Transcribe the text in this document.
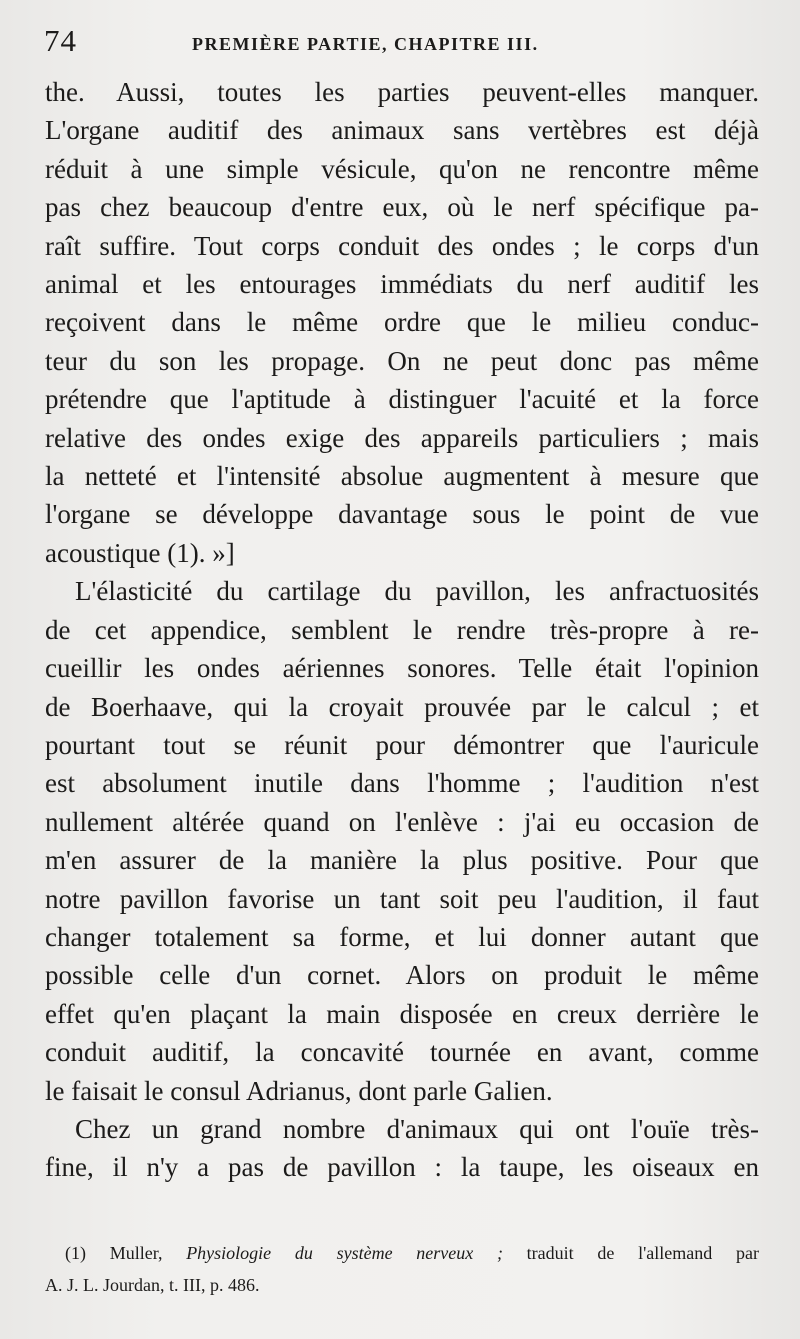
74	PREMIÈRE PARTIE, CHAPITRE III.

the. Aussi, toutes les parties peuvent-elles manquer.
L'organe auditif des animaux sans vertèbres est déjà
réduit à une simple vésicule, qu'on ne rencontre même
pas chez beaucoup d'entre eux, où le nerf spécifique pa-
raît suffire. Tout corps conduit des ondes ; le corps d'un
animal et les entourages immédiats du nerf auditif les
reçoivent dans le même ordre que le milieu conduc-
teur du son les propage. On ne peut donc pas même
prétendre que l'aptitude à distinguer l'acuité et la force
relative des ondes exige des appareils particuliers ; mais
la netteté et l'intensité absolue augmentent à mesure que
l'organe se développe davantage sous le point de vue
acoustique (1). »]

L'élasticité du cartilage du pavillon, les anfractuosités
de cet appendice, semblent le rendre très-propre à re-
cueillir les ondes aériennes sonores. Telle était l'opinion
de Boerhaave, qui la croyait prouvée par le calcul ; et
pourtant tout se réunit pour démontrer que l'auricule
est absolument inutile dans l'homme ; l'audition n'est
nullement altérée quand on l'enlève : j'ai eu occasion de
m'en assurer de la manière la plus positive. Pour que
notre pavillon favorise un tant soit peu l'audition, il faut
changer totalement sa forme, et lui donner autant que
possible celle d'un cornet. Alors on produit le même
effet qu'en plaçant la main disposée en creux derrière le
conduit auditif, la concavité tournée en avant, comme
le faisait le consul Adrianus, dont parle Galien.

Chez un grand nombre d'animaux qui ont l'ouïe très-
fine, il n'y a pas de pavillon : la taupe, les oiseaux en

(1) Muller, Physiologie du système nerveux ; traduit de l'allemand par
A. J. L. Jourdan, t. III, p. 486.
